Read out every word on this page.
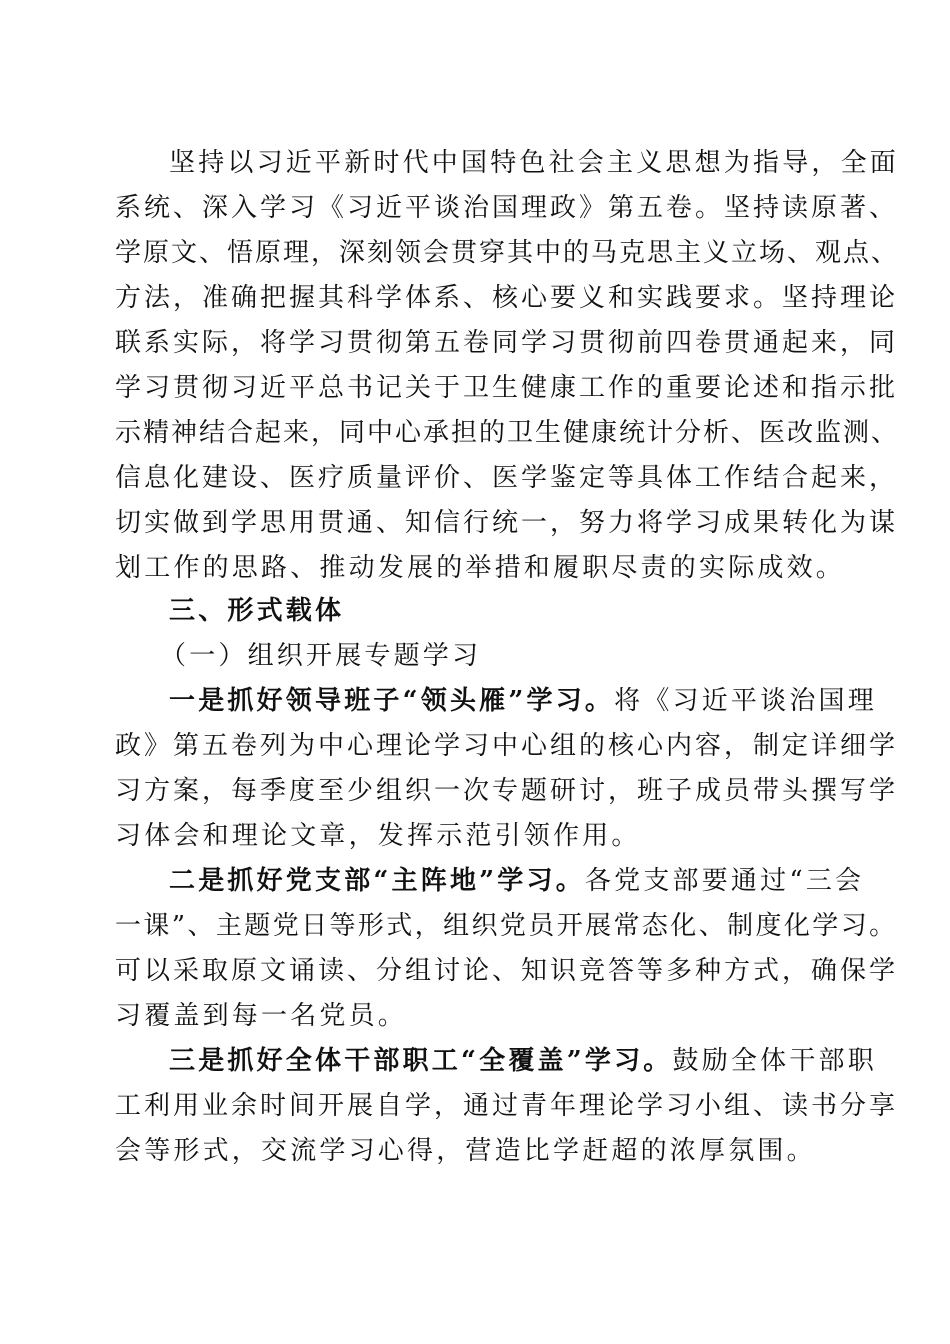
坚持以习近平新时代中国特色社会主义思想为指导，全面
系统、深入学习《习近平谈治国理政》第五卷。坚持读原著、
学原文、悟原理，深刻领会贯穿其中的马克思主义立场、观点、
方法，准确把握其科学体系、核心要义和实践要求。坚持理论
联系实际，将学习贯彻第五卷同学习贯彻前四卷贯通起来，同
学习贯彻习近平总书记关于卫生健康工作的重要论述和指示批
示精神结合起来，同中心承担的卫生健康统计分析、医改监测、
信息化建设、医疗质量评价、医学鉴定等具体工作结合起来，
切实做到学思用贯通、知信行统一，努力将学习成果转化为谋
划工作的思路、推动发展的举措和履职尽责的实际成效。
三、形式载体
（一）组织开展专题学习
一是抓好领导班子“领头雁”学习。将《习近平谈治国理
政》第五卷列为中心理论学习中心组的核心内容，制定详细学
习方案，每季度至少组织一次专题研讨，班子成员带头撰写学
习体会和理论文章，发挥示范引领作用。
二是抓好党支部“主阵地”学习。各党支部要通过“三会
一课”、主题党日等形式，组织党员开展常态化、制度化学习。
可以采取原文诵读、分组讨论、知识竞答等多种方式，确保学
习覆盖到每一名党员。
三是抓好全体干部职工“全覆盖”学习。鼓励全体干部职
工利用业余时间开展自学，通过青年理论学习小组、读书分享
会等形式，交流学习心得，营造比学赶超的浓厚氛围。
